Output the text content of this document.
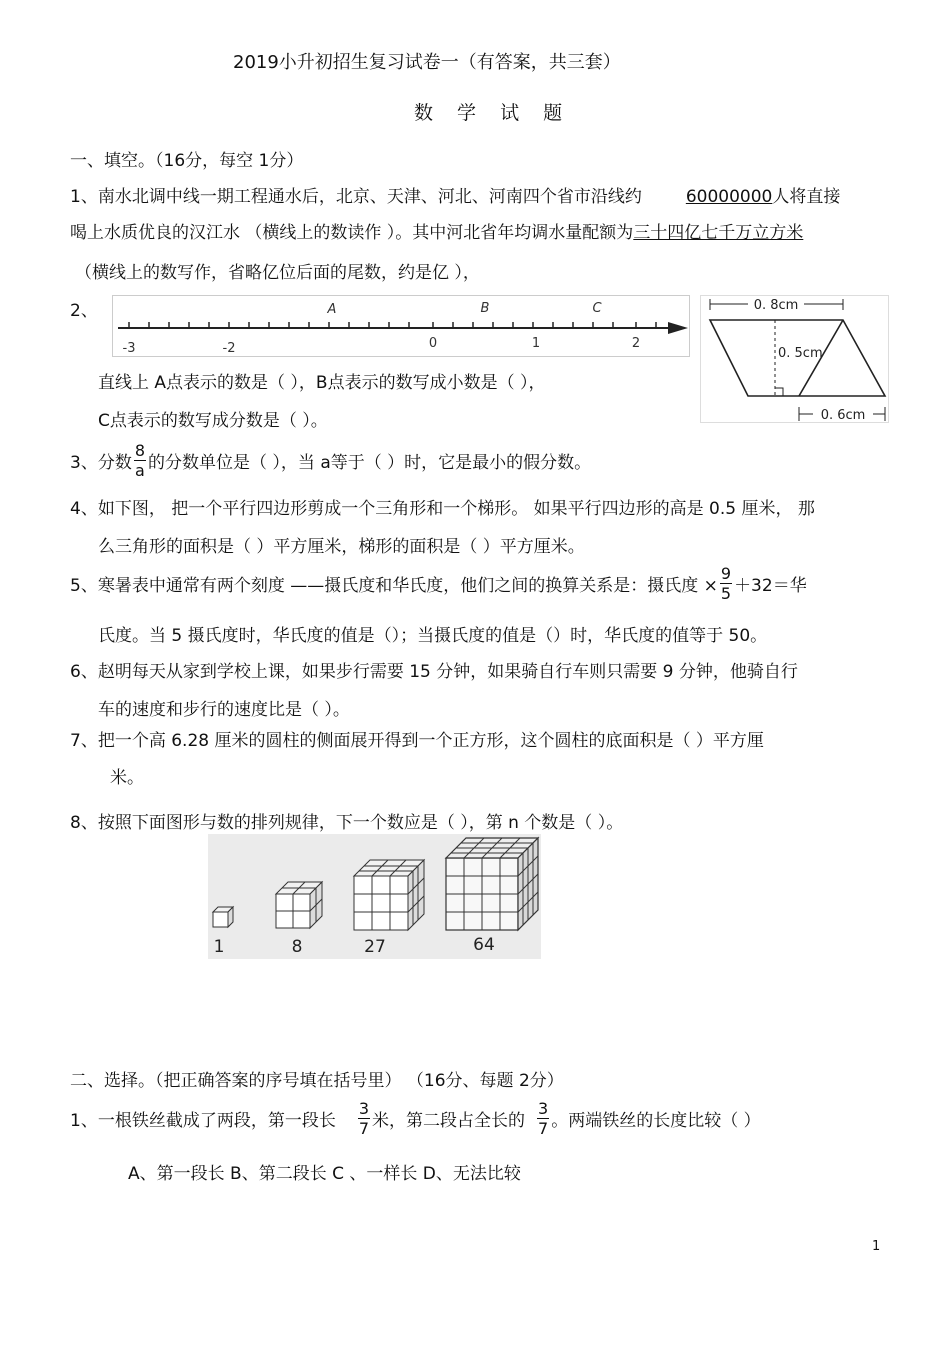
2019小升初招生复习试卷一（有答案，共三套）
数 学 试 题
一、填空。（16分，每空 1分）
1、南水北调中线一期工程通水后，北京、天津、河北、河南四个省市沿线约	60000000人将直接
喝上水质优良的汉江水 （横线上的数读作 ）。其中河北省年均调水量配额为三十四亿七千万立方米
（横线上的数写作，省略亿位后面的尾数，约是亿 ），
2、	A	B	C
-3	-2	0	1	2
0. 8cm
0. 5cm
0. 6cm
直线上 A点表示的数是（ ），B点表示的数写成小数是（ ），
C点表示的数写成分数是（ ）。
3、分数 $\frac{8}{a}$ 的分数单位是（ ），当 a等于（ ）时，它是最小的假分数。
4、如下图， 把一个平行四边形剪成一个三角形和一个梯形。 如果平行四边形的高是 0.5 厘米， 那
么三角形的面积是（ ）平方厘米，梯形的面积是（ ）平方厘米。
5、寒暑表中通常有两个刻度 ——摄氏度和华氏度，他们之间的换算关系是：摄氏度 × $\frac{9}{5} +32=$华
氏度。当 5 摄氏度时，华氏度的值是（）；当摄氏度的值是（）时，华氏度的值等于 50。
6、赵明每天从家到学校上课，如果步行需要 15 分钟，如果骑自行车则只需要 9 分钟，他骑自行
车的速度和步行的速度比是（ ）。
7、把一个高 6.28 厘米的圆柱的侧面展开得到一个正方形，这个圆柱的底面积是（ ）平方厘
米。
8、按照下面图形与数的排列规律，下一个数应是（ ），第 n 个数是（ ）。
1	8	27	64
二、选择。（把正确答案的序号填在括号里） （16分、每题 2分）
1、一根铁丝截成了两段，第一段长 $\frac{3}{7}$ 米，第二段占全长的 $\frac{3}{7}$ 。两端铁丝的长度比较（ ）
A、第一段长 B、第二段长 C 、一样长 D、无法比较
1
